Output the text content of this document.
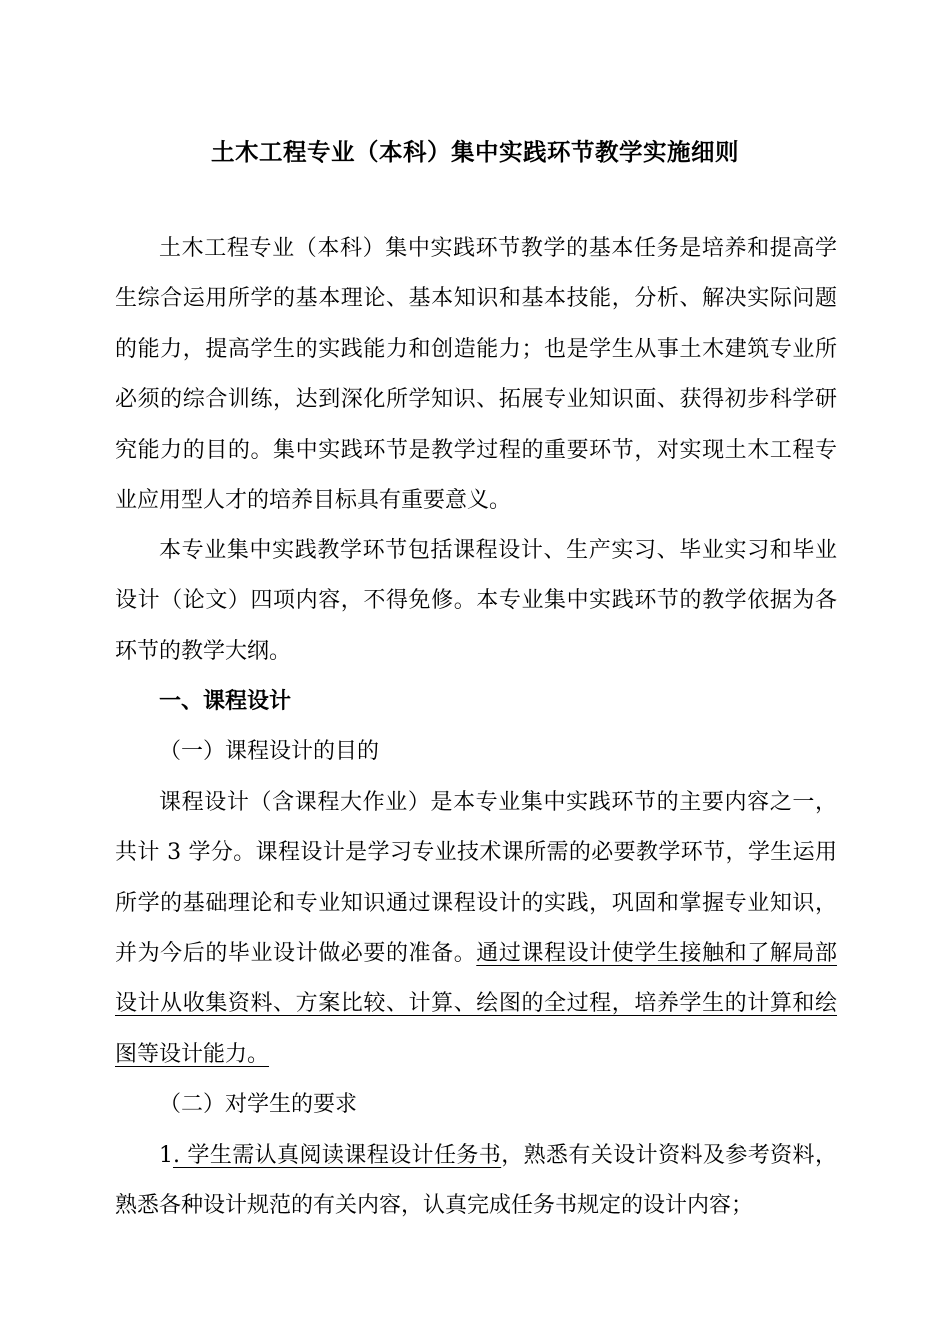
土木工程专业（本科）集中实践环节教学实施细则

土木工程专业（本科）集中实践环节教学的基本任务是培养和提高学生综合运用所学的基本理论、基本知识和基本技能，分析、解决实际问题的能力，提高学生的实践能力和创造能力；也是学生从事土木建筑专业所必须的综合训练，达到深化所学知识、拓展专业知识面、获得初步科学研究能力的目的。集中实践环节是教学过程的重要环节，对实现土木工程专业应用型人才的培养目标具有重要意义。

本专业集中实践教学环节包括课程设计、生产实习、毕业实习和毕业设计（论文）四项内容，不得免修。本专业集中实践环节的教学依据为各环节的教学大纲。

一、课程设计

（一）课程设计的目的

课程设计（含课程大作业）是本专业集中实践环节的主要内容之一，共计 3 学分。课程设计是学习专业技术课所需的必要教学环节，学生运用所学的基础理论和专业知识通过课程设计的实践，巩固和掌握专业知识，并为今后的毕业设计做必要的准备。通过课程设计使学生接触和了解局部设计从收集资料、方案比较、计算、绘图的全过程，培养学生的计算和绘图等设计能力。

（二）对学生的要求

1. 学生需认真阅读课程设计任务书，熟悉有关设计资料及参考资料，熟悉各种设计规范的有关内容，认真完成任务书规定的设计内容；
